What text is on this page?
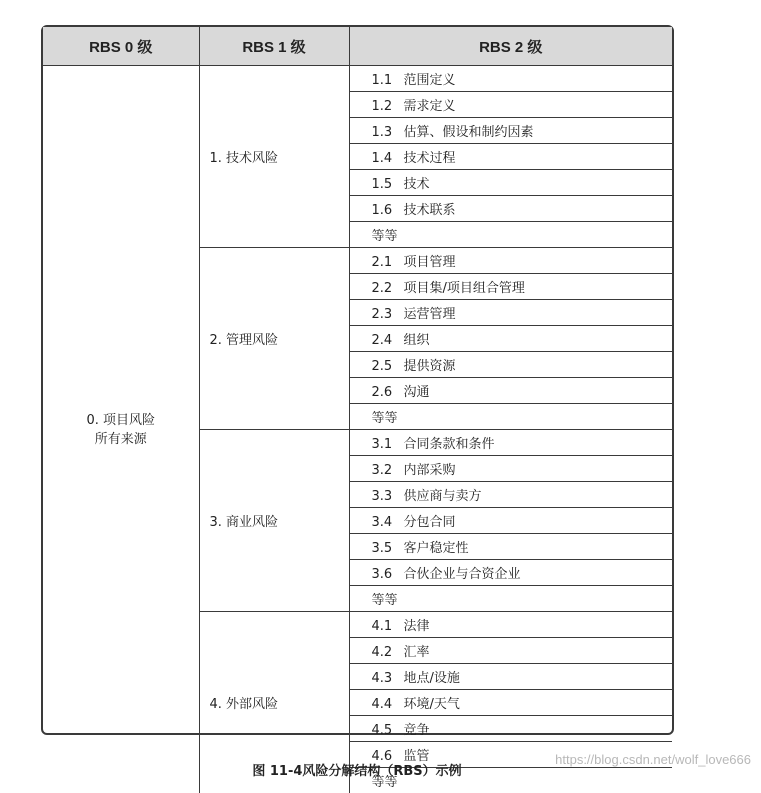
RBS 0 级	RBS 1 级	RBS 2 级

0. 项目风险
所有来源	1. 技术风险	1.1 范围定义
		1.2 需求定义
		1.3 估算、假设和制约因素
		1.4 技术过程
		1.5 技术
		1.6 技术联系
		等等
	2. 管理风险	2.1 项目管理
		2.2 项目集/项目组合管理
		2.3 运营管理
		2.4 组织
		2.5 提供资源
		2.6 沟通
		等等
	3. 商业风险	3.1 合同条款和条件
		3.2 内部采购
		3.3 供应商与卖方
		3.4 分包合同
		3.5 客户稳定性
		3.6 合伙企业与合资企业
		等等
	4. 外部风险	4.1 法律
		4.2 汇率
		4.3 地点/设施
		4.4 环境/天气
		4.5 竞争
		4.6 监管
		等等
图 11-4风险分解结构（RBS）示例
https://blog.csdn.net/wolf_love666
